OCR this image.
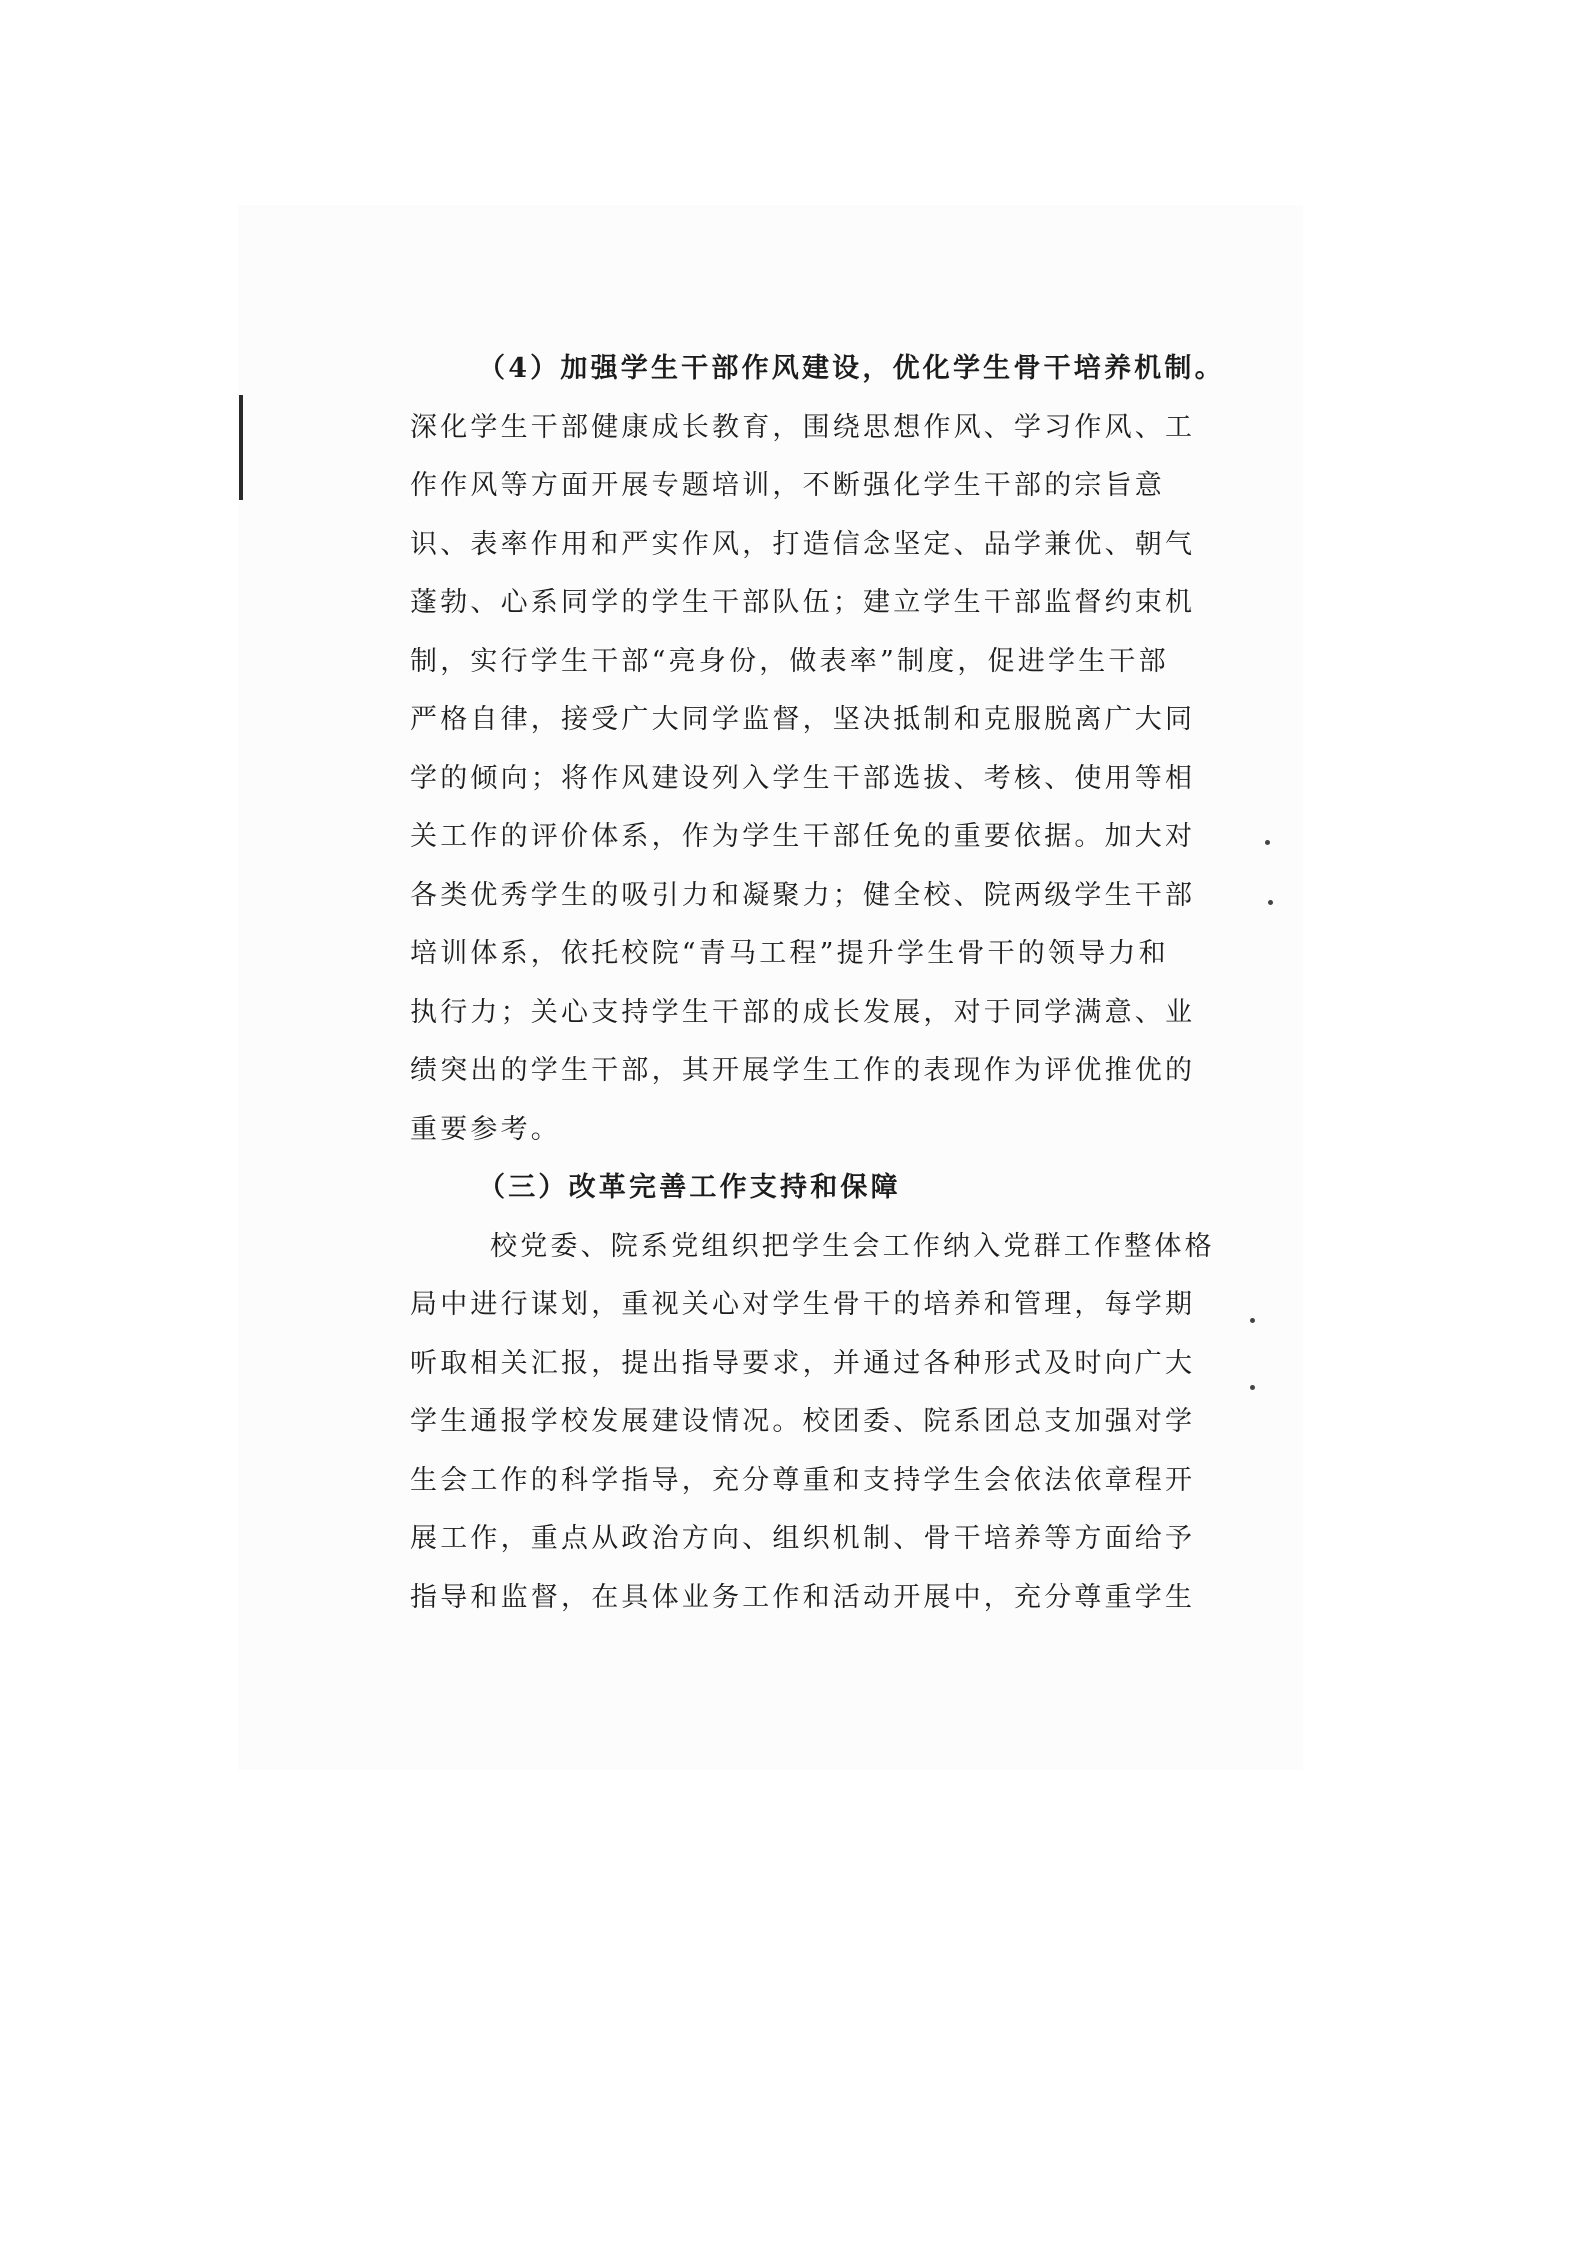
（4）加强学生干部作风建设，优化学生骨干培养机制。
深化学生干部健康成长教育，围绕思想作风、学习作风、工
作作风等方面开展专题培训，不断强化学生干部的宗旨意
识、表率作用和严实作风，打造信念坚定、品学兼优、朝气
蓬勃、心系同学的学生干部队伍；建立学生干部监督约束机
制，实行学生干部“亮身份，做表率”制度，促进学生干部
严格自律，接受广大同学监督，坚决抵制和克服脱离广大同
学的倾向；将作风建设列入学生干部选拔、考核、使用等相
关工作的评价体系，作为学生干部任免的重要依据。加大对
各类优秀学生的吸引力和凝聚力；健全校、院两级学生干部
培训体系，依托校院“青马工程”提升学生骨干的领导力和
执行力；关心支持学生干部的成长发展，对于同学满意、业
绩突出的学生干部，其开展学生工作的表现作为评优推优的
重要参考。
（三）改革完善工作支持和保障
校党委、院系党组织把学生会工作纳入党群工作整体格
局中进行谋划，重视关心对学生骨干的培养和管理，每学期
听取相关汇报，提出指导要求，并通过各种形式及时向广大
学生通报学校发展建设情况。校团委、院系团总支加强对学
生会工作的科学指导，充分尊重和支持学生会依法依章程开
展工作，重点从政治方向、组织机制、骨干培养等方面给予
指导和监督，在具体业务工作和活动开展中，充分尊重学生
